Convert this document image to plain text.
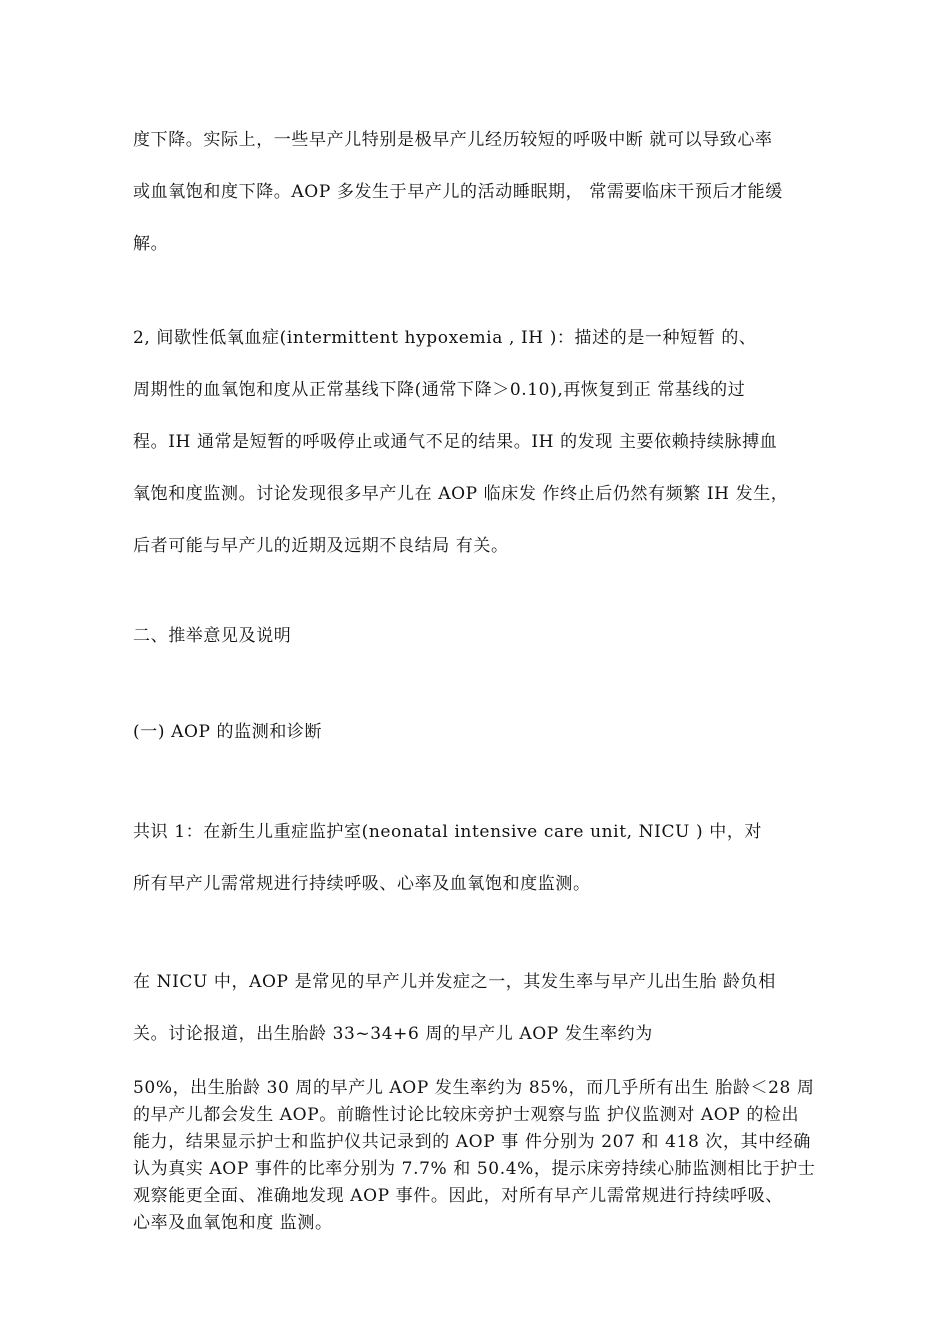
度下降。实际上，一些早产儿特别是极早产儿经历较短的呼吸中断 就可以导致心率
或血氧饱和度下降。AOP 多发生于早产儿的活动睡眠期， 常需要临床干预后才能缓
解。
2, 间歇性低氧血症(intermittent hypoxemia , IH )：描述的是一种短暂 的、
周期性的血氧饱和度从正常基线下降(通常下降＞0.10),再恢复到正 常基线的过
程。IH 通常是短暂的呼吸停止或通气不足的结果。IH 的发现 主要依赖持续脉搏血
氧饱和度监测。讨论发现很多早产儿在 AOP 临床发 作终止后仍然有频繁 IH 发生，
后者可能与早产儿的近期及远期不良结局 有关。
二、推举意见及说明
(一) AOP 的监测和诊断
共识 1：在新生儿重症监护室(neonatal intensive care unit, NICU ) 中，对
所有早产儿需常规进行持续呼吸、心率及血氧饱和度监测。
在 NICU 中，AOP 是常见的早产儿并发症之一，其发生率与早产儿出生胎 龄负相
关。讨论报道，出生胎龄 33~34+6 周的早产儿 AOP 发生率约为
50%，出生胎龄 30 周的早产儿 AOP 发生率约为 85%，而几乎所有出生 胎龄＜28 周
的早产儿都会发生 AOP。前瞻性讨论比较床旁护士观察与监 护仪监测对 AOP 的检出
能力，结果显示护士和监护仪共记录到的 AOP 事 件分别为 207 和 418 次，其中经确
认为真实 AOP 事件的比率分别为 7.7% 和 50.4%，提示床旁持续心肺监测相比于护士
观察能更全面、准确地发现 AOP 事件。因此，对所有早产儿需常规进行持续呼吸、
心率及血氧饱和度 监测。
